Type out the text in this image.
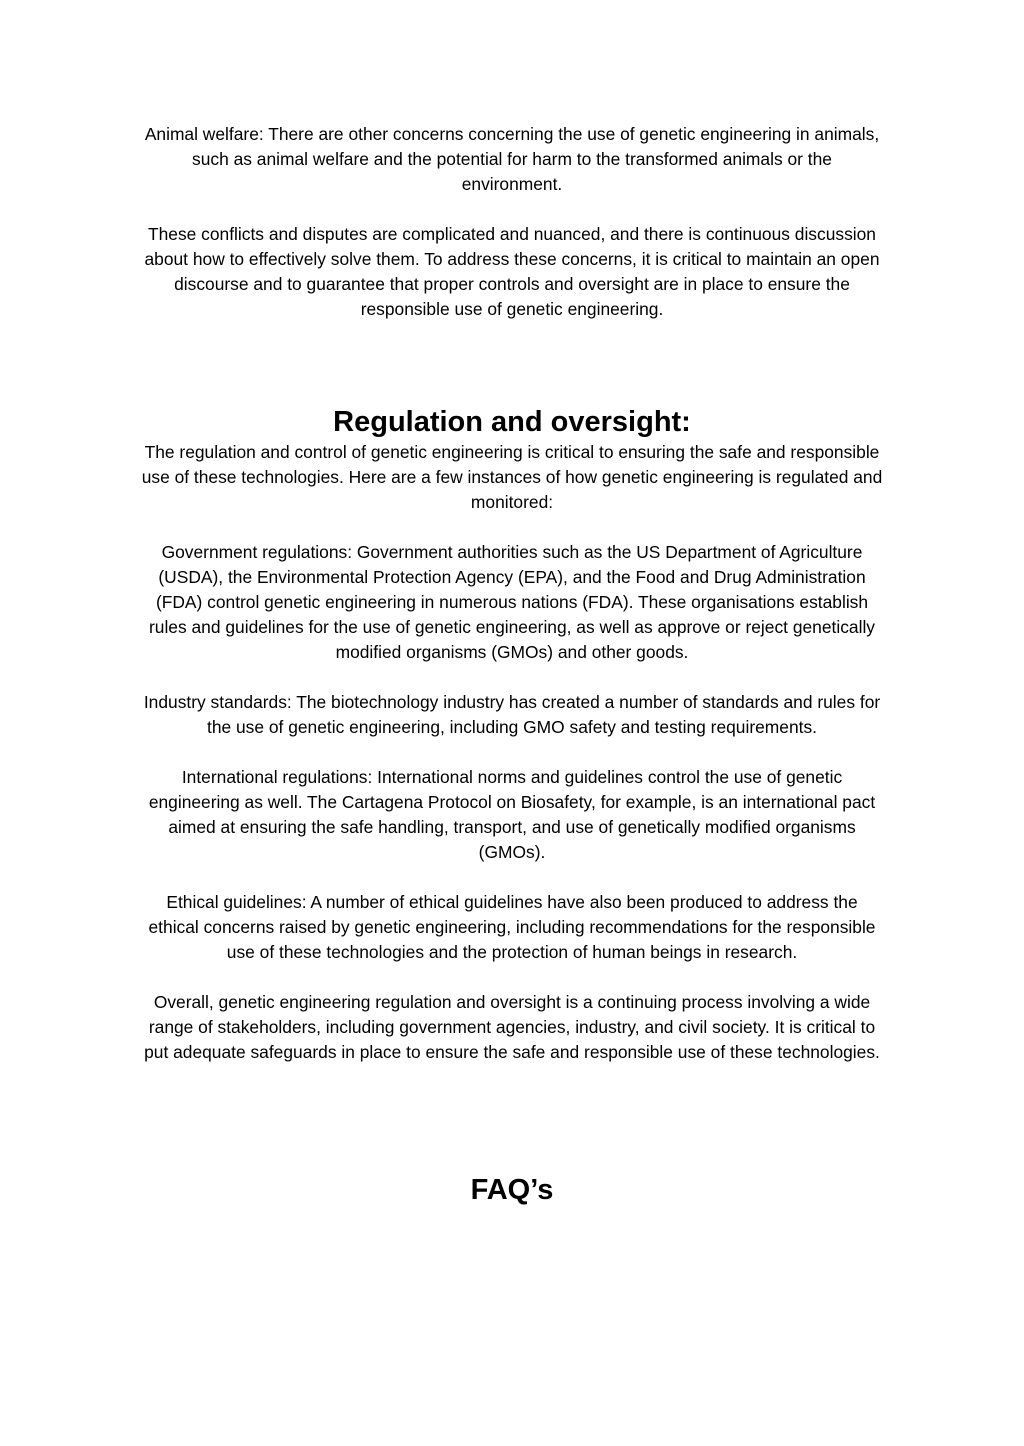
Animal welfare: There are other concerns concerning the use of genetic engineering in animals, such as animal welfare and the potential for harm to the transformed animals or the environment.

These conflicts and disputes are complicated and nuanced, and there is continuous discussion about how to effectively solve them. To address these concerns, it is critical to maintain an open discourse and to guarantee that proper controls and oversight are in place to ensure the responsible use of genetic engineering.

Regulation and oversight:

The regulation and control of genetic engineering is critical to ensuring the safe and responsible use of these technologies. Here are a few instances of how genetic engineering is regulated and monitored:

Government regulations: Government authorities such as the US Department of Agriculture (USDA), the Environmental Protection Agency (EPA), and the Food and Drug Administration (FDA) control genetic engineering in numerous nations (FDA). These organisations establish rules and guidelines for the use of genetic engineering, as well as approve or reject genetically modified organisms (GMOs) and other goods.

Industry standards: The biotechnology industry has created a number of standards and rules for the use of genetic engineering, including GMO safety and testing requirements.

International regulations: International norms and guidelines control the use of genetic engineering as well. The Cartagena Protocol on Biosafety, for example, is an international pact aimed at ensuring the safe handling, transport, and use of genetically modified organisms (GMOs).

Ethical guidelines: A number of ethical guidelines have also been produced to address the ethical concerns raised by genetic engineering, including recommendations for the responsible use of these technologies and the protection of human beings in research.

Overall, genetic engineering regulation and oversight is a continuing process involving a wide range of stakeholders, including government agencies, industry, and civil society. It is critical to put adequate safeguards in place to ensure the safe and responsible use of these technologies.

FAQ’s
